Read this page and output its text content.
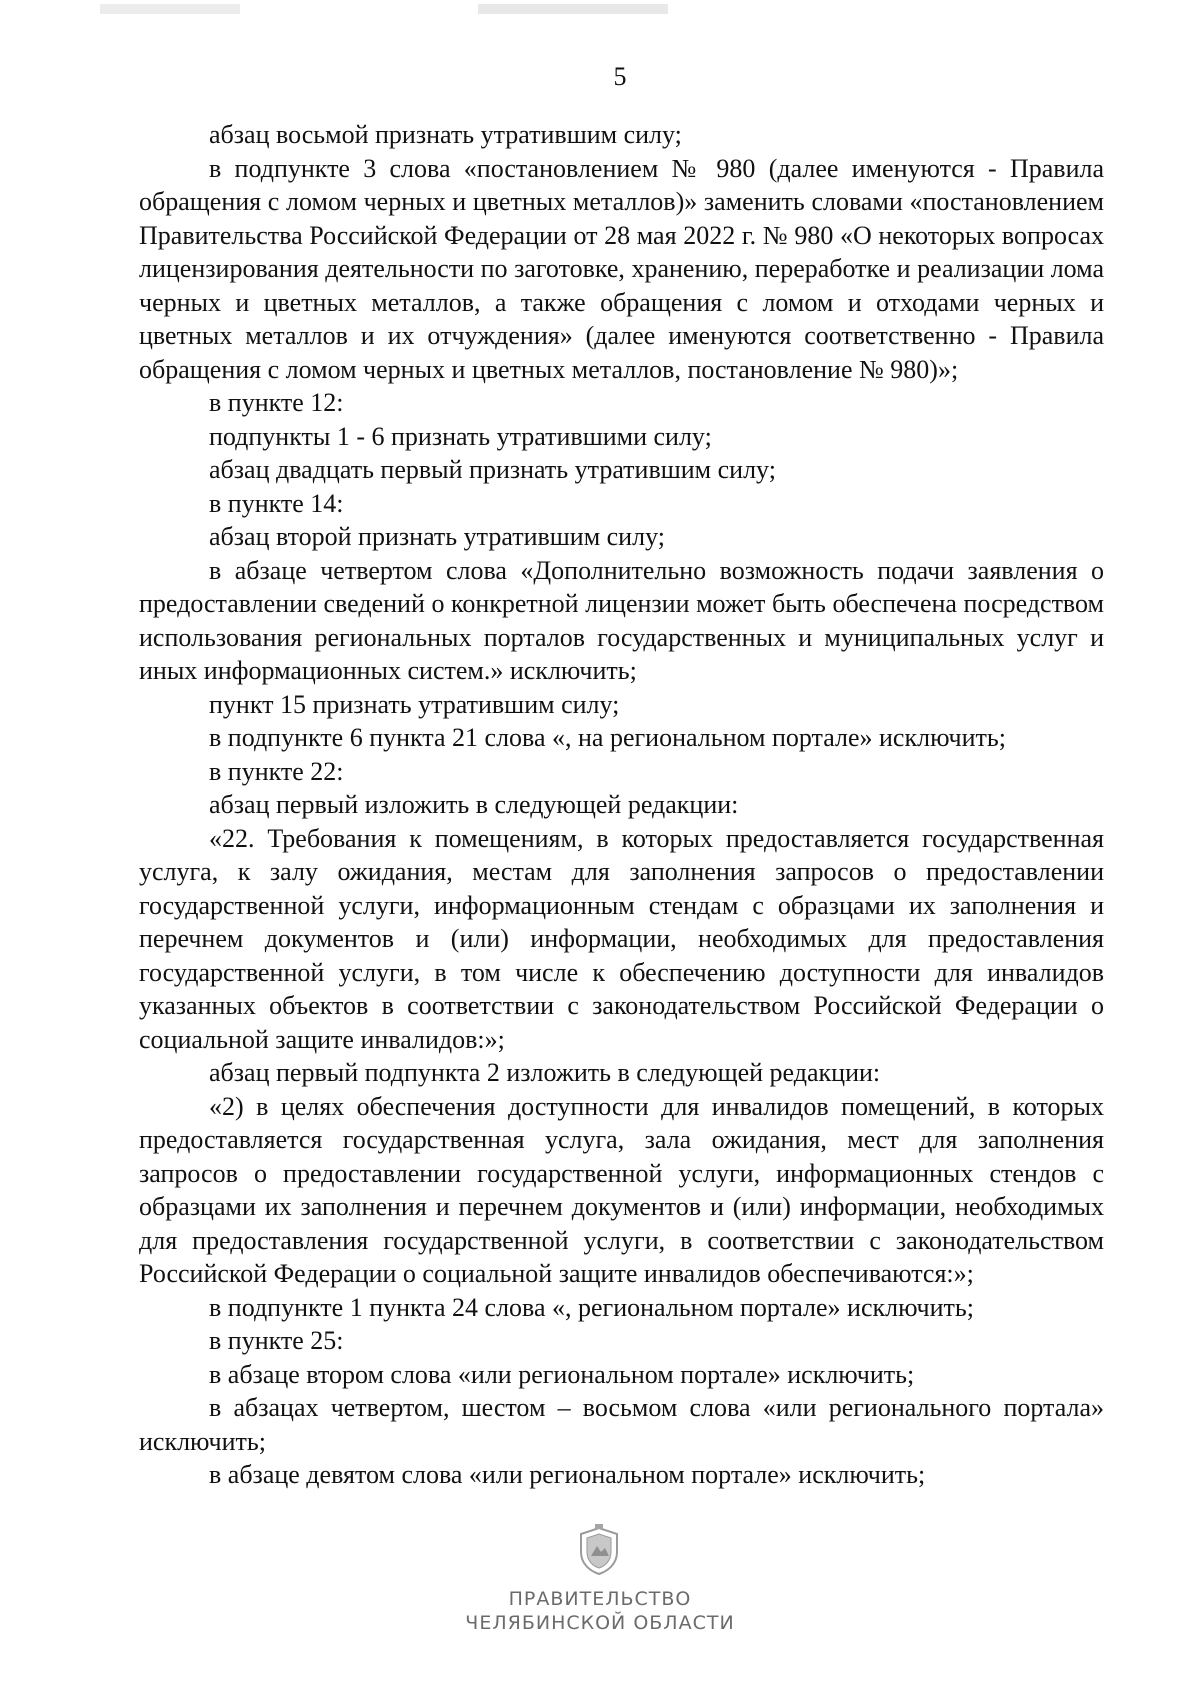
5

абзац восьмой признать утратившим силу;

в подпункте 3 слова «постановлением № 980 (далее именуются - Правила обращения с ломом черных и цветных металлов)» заменить словами «постановлением Правительства Российской Федерации от 28 мая 2022 г. № 980 «О некоторых вопросах лицензирования деятельности по заготовке, хранению, переработке и реализации лома черных и цветных металлов, а также обращения с ломом и отходами черных и цветных металлов и их отчуждения» (далее именуются соответственно - Правила обращения с ломом черных и цветных металлов, постановление № 980)»;

в пункте 12:

подпункты 1 - 6 признать утратившими силу;

абзац двадцать первый признать утратившим силу;

в пункте 14:

абзац второй признать утратившим силу;

в абзаце четвертом слова «Дополнительно возможность подачи заявления о предоставлении сведений о конкретной лицензии может быть обеспечена посредством использования региональных порталов государственных и муниципальных услуг и иных информационных систем.» исключить;

пункт 15 признать утратившим силу;

в подпункте 6 пункта 21 слова «, на региональном портале» исключить;

в пункте 22:

абзац первый изложить в следующей редакции:

«22. Требования к помещениям, в которых предоставляется государственная услуга, к залу ожидания, местам для заполнения запросов о предоставлении государственной услуги, информационным стендам с образцами их заполнения и перечнем документов и (или) информации, необходимых для предоставления государственной услуги, в том числе к обеспечению доступности для инвалидов указанных объектов в соответствии с законодательством Российской Федерации о социальной защите инвалидов:»;

абзац первый подпункта 2 изложить в следующей редакции:

«2) в целях обеспечения доступности для инвалидов помещений, в которых предоставляется государственная услуга, зала ожидания, мест для заполнения запросов о предоставлении государственной услуги, информационных стендов с образцами их заполнения и перечнем документов и (или) информации, необходимых для предоставления государственной услуги, в соответствии с законодательством Российской Федерации о социальной защите инвалидов обеспечиваются:»;

в подпункте 1 пункта 24 слова «, региональном портале» исключить;

в пункте 25:

в абзаце втором слова «или региональном портале» исключить;

в абзацах четвертом, шестом – восьмом слова «или регионального портала» исключить;

в абзаце девятом слова «или региональном портале» исключить;

ПРАВИТЕЛЬСТВО
ЧЕЛЯБИНСКОЙ ОБЛАСТИ
